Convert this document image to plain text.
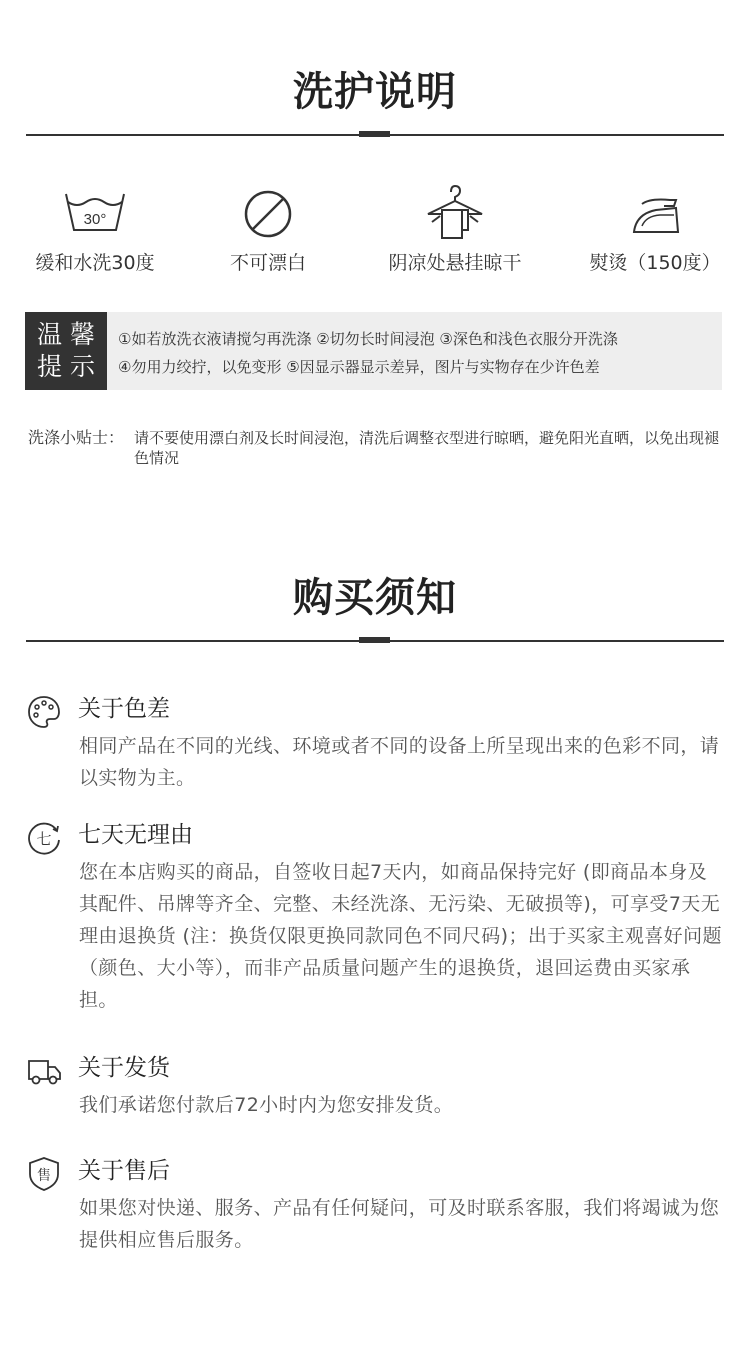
洗护说明
30°
缓和水洗30度	不可漂白	阴凉处悬挂晾干	熨烫（150度）
温 馨
提 示
①如若放洗衣液请搅匀再洗涤 ②切勿长时间浸泡 ③深色和浅色衣服分开洗涤
④勿用力绞拧，以免变形 ⑤因显示器显示差异，图片与实物存在少许色差
洗涤小贴士： 请不要使用漂白剂及长时间浸泡，清洗后调整衣型进行晾晒，避免阳光直晒，以免出现褪色情况
购买须知
关于色差
相同产品在不同的光线、环境或者不同的设备上所呈现出来的色彩不同，请以实物为主。
七 七天无理由
您在本店购买的商品，自签收日起7天内，如商品保持完好 (即商品本身及其配件、吊牌等齐全、完整、未经洗涤、无污染、无破损等)，可享受7天无理由退换货 (注：换货仅限更换同款同色不同尺码)；出于买家主观喜好问题（颜色、大小等），而非产品质量问题产生的退换货，退回运费由买家承担。
关于发货
我们承诺您付款后72小时内为您安排发货。
售 关于售后
如果您对快递、服务、产品有任何疑问，可及时联系客服，我们将竭诚为您提供相应售后服务。
